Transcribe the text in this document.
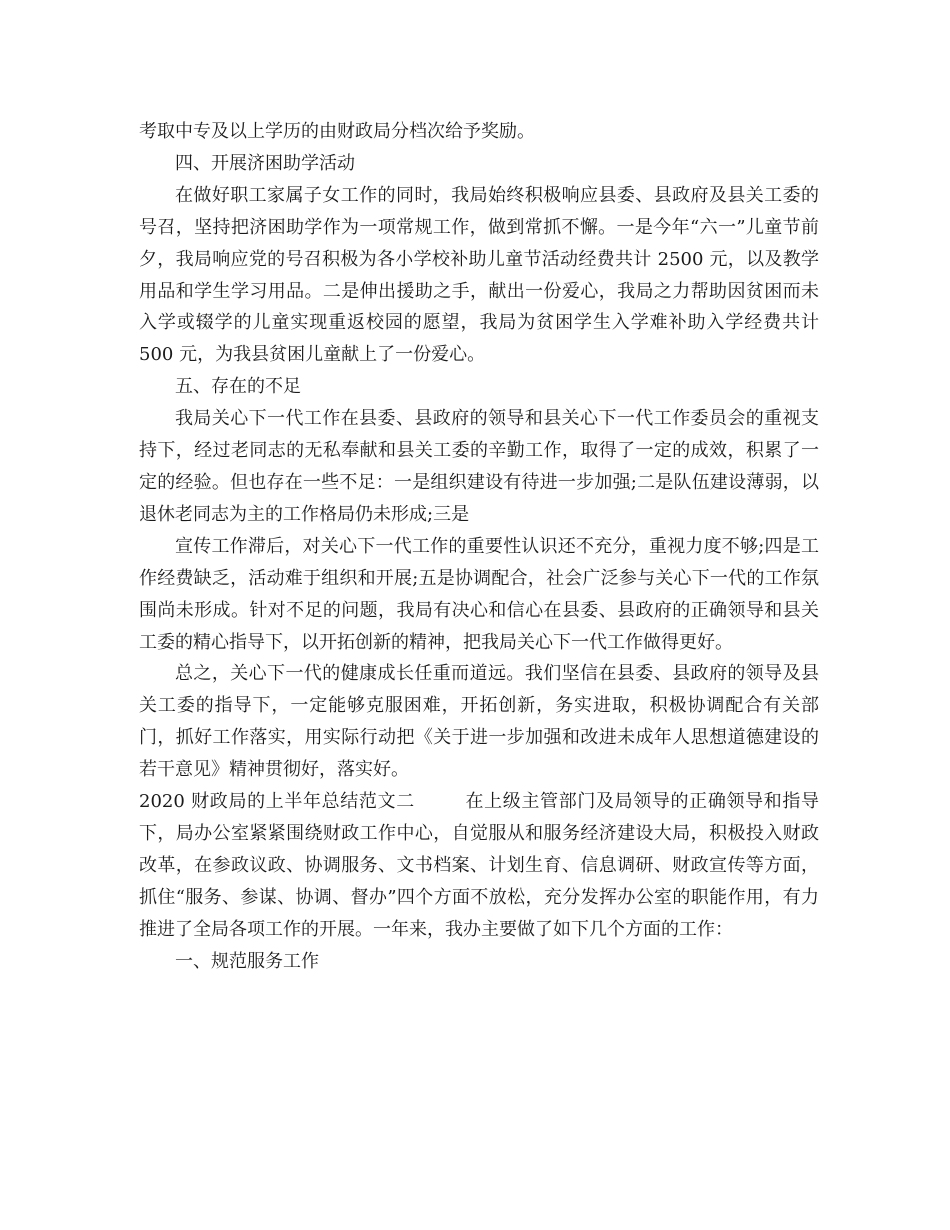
考取中专及以上学历的由财政局分档次给予奖励。

四、开展济困助学活动

在做好职工家属子女工作的同时，我局始终积极响应县委、县政府及县关工委的号召，坚持把济困助学作为一项常规工作，做到常抓不懈。一是今年“六一”儿童节前夕，我局响应党的号召积极为各小学校补助儿童节活动经费共计 2500 元，以及教学用品和学生学习用品。二是伸出援助之手，献出一份爱心，我局之力帮助因贫困而未入学或辍学的儿童实现重返校园的愿望，我局为贫困学生入学难补助入学经费共计 500 元，为我县贫困儿童献上了一份爱心。

五、存在的不足

我局关心下一代工作在县委、县政府的领导和县关心下一代工作委员会的重视支持下，经过老同志的无私奉献和县关工委的辛勤工作，取得了一定的成效，积累了一定的经验。但也存在一些不足：一是组织建设有待进一步加强;二是队伍建设薄弱，以退休老同志为主的工作格局仍未形成;三是

宣传工作滞后，对关心下一代工作的重要性认识还不充分，重视力度不够;四是工作经费缺乏，活动难于组织和开展;五是协调配合，社会广泛参与关心下一代的工作氛围尚未形成。针对不足的问题，我局有决心和信心在县委、县政府的正确领导和县关工委的精心指导下，以开拓创新的精神，把我局关心下一代工作做得更好。

总之，关心下一代的健康成长任重而道远。我们坚信在县委、县政府的领导及县关工委的指导下，一定能够克服困难，开拓创新，务实进取，积极协调配合有关部门，抓好工作落实，用实际行动把《关于进一步加强和改进未成年人思想道德建设的若干意见》精神贯彻好，落实好。

2020 财政局的上半年总结范文二	在上级主管部门及局领导的正确领导和指导下，局办公室紧紧围绕财政工作中心，自觉服从和服务经济建设大局，积极投入财政改革，在参政议政、协调服务、文书档案、计划生育、信息调研、财政宣传等方面，抓住“服务、参谋、协调、督办”四个方面不放松，充分发挥办公室的职能作用，有力推进了全局各项工作的开展。一年来，我办主要做了如下几个方面的工作：

一、规范服务工作
